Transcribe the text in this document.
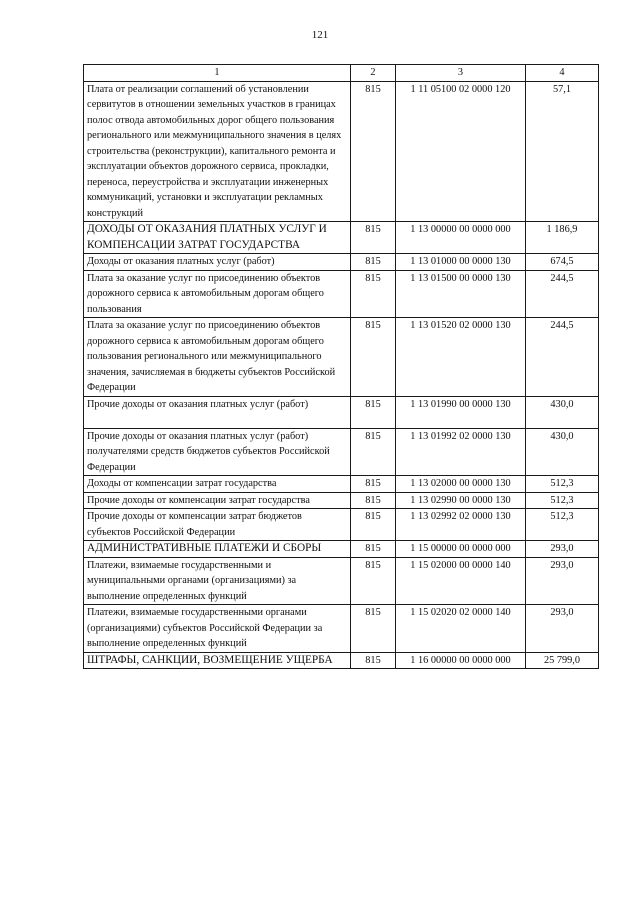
121
1	2	3	4
Плата от реализации соглашений об установлении сервитутов в отношении земельных участков в границах полос отвода автомобильных дорог общего пользования регионального или межмуниципального значения в целях строительства (реконструкции), капитального ремонта и эксплуатации объектов дорожного сервиса, прокладки, переноса, переустройства и эксплуатации инженерных коммуникаций, установки и эксплуатации рекламных конструкций	815	1 11 05100 02 0000 120	57,1
ДОХОДЫ ОТ ОКАЗАНИЯ ПЛАТНЫХ УСЛУГ И КОМПЕНСАЦИИ ЗАТРАТ ГОСУДАРСТВА	815	1 13 00000 00 0000 000	1 186,9
Доходы от оказания платных услуг (работ)	815	1 13 01000 00 0000 130	674,5
Плата за оказание услуг по присоединению объектов дорожного сервиса к автомобильным дорогам общего пользования	815	1 13 01500 00 0000 130	244,5
Плата за оказание услуг по присоединению объектов дорожного сервиса к автомобильным дорогам общего пользования регионального или межмуниципального значения, зачисляемая в бюджеты субъектов Российской Федерации	815	1 13 01520 02 0000 130	244,5
Прочие доходы от оказания платных услуг (работ)	815	1 13 01990 00 0000 130	430,0
Прочие доходы от оказания платных услуг (работ) получателями средств бюджетов субъектов Российской Федерации	815	1 13 01992 02 0000 130	430,0
Доходы от компенсации затрат государства	815	1 13 02000 00 0000 130	512,3
Прочие доходы от компенсации затрат государства	815	1 13 02990 00 0000 130	512,3
Прочие доходы от компенсации затрат бюджетов субъектов Российской Федерации	815	1 13 02992 02 0000 130	512,3
АДМИНИСТРАТИВНЫЕ ПЛАТЕЖИ И СБОРЫ	815	1 15 00000 00 0000 000	293,0
Платежи, взимаемые государственными и муниципальными органами (организациями) за выполнение определенных функций	815	1 15 02000 00 0000 140	293,0
Платежи, взимаемые государственными органами (организациями) субъектов Российской Федерации за выполнение определенных функций	815	1 15 02020 02 0000 140	293,0
ШТРАФЫ, САНКЦИИ, ВОЗМЕЩЕНИЕ УЩЕРБА	815	1 16 00000 00 0000 000	25 799,0
